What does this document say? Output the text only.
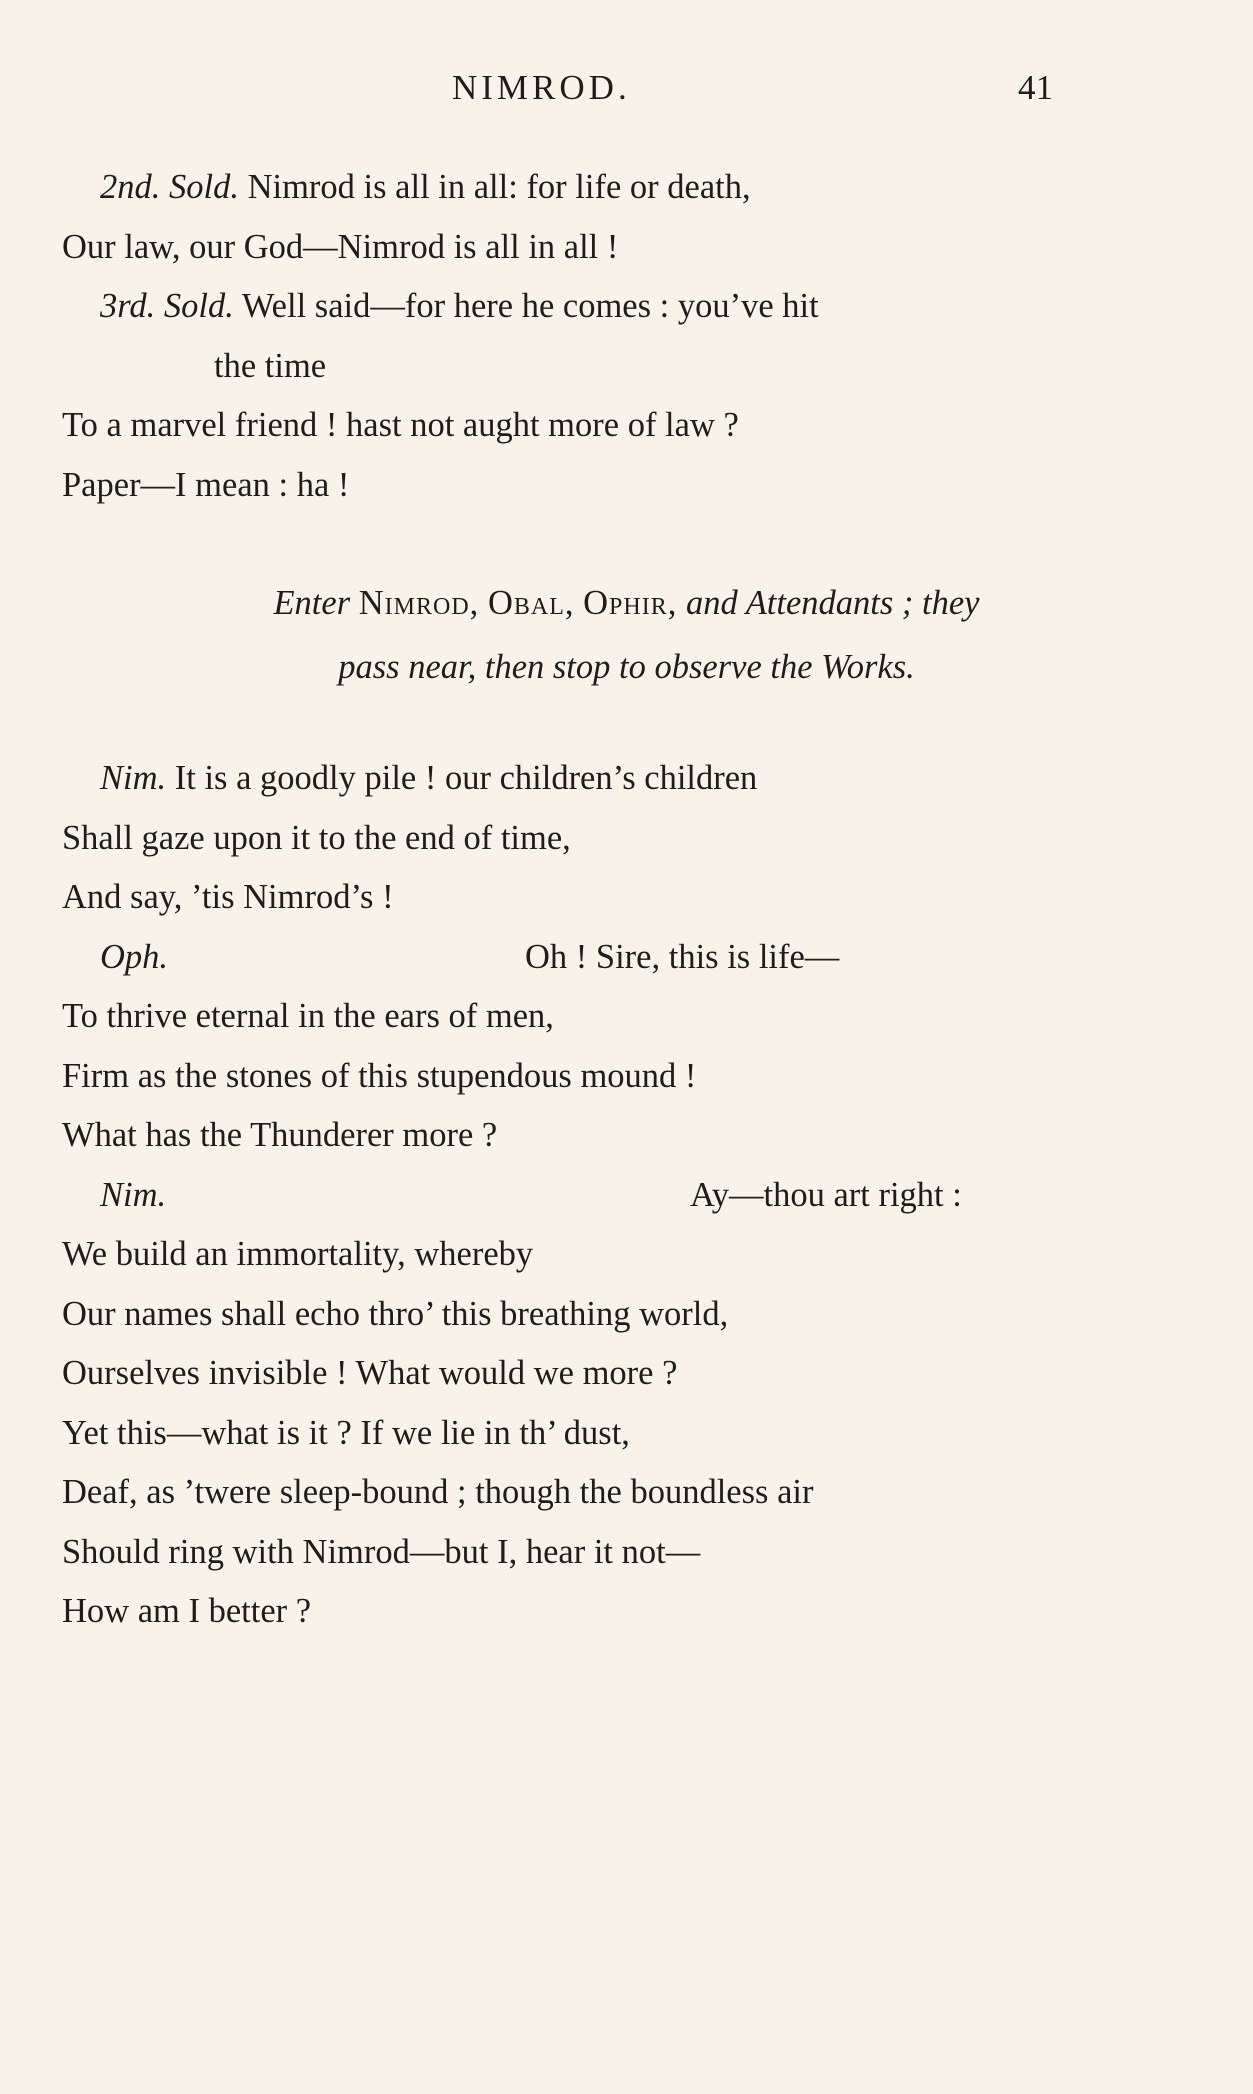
NIMROD.	41
2nd. Sold. Nimrod is all in all: for life or death,
Our law, our God—Nimrod is all in all !
3rd. Sold. Well said—for here he comes : you’ve hit
the time
To a marvel friend ! hast not aught more of law ?
Paper—I mean : ha !
Enter Nimrod, Obal, Ophir, and Attendants ; they
pass near, then stop to observe the Works.
Nim. It is a goodly pile ! our children’s children
Shall gaze upon it to the end of time,
And say, ’tis Nimrod’s !
Oph.	Oh ! Sire, this is life—
To thrive eternal in the ears of men,
Firm as the stones of this stupendous mound !
What has the Thunderer more ?
Nim.	Ay—thou art right :
We build an immortality, whereby
Our names shall echo thro’ this breathing world,
Ourselves invisible ! What would we more ?
Yet this—what is it ? If we lie in th’ dust,
Deaf, as ’twere sleep-bound ; though the boundless air
Should ring with Nimrod—but I, hear it not—
How am I better ?
